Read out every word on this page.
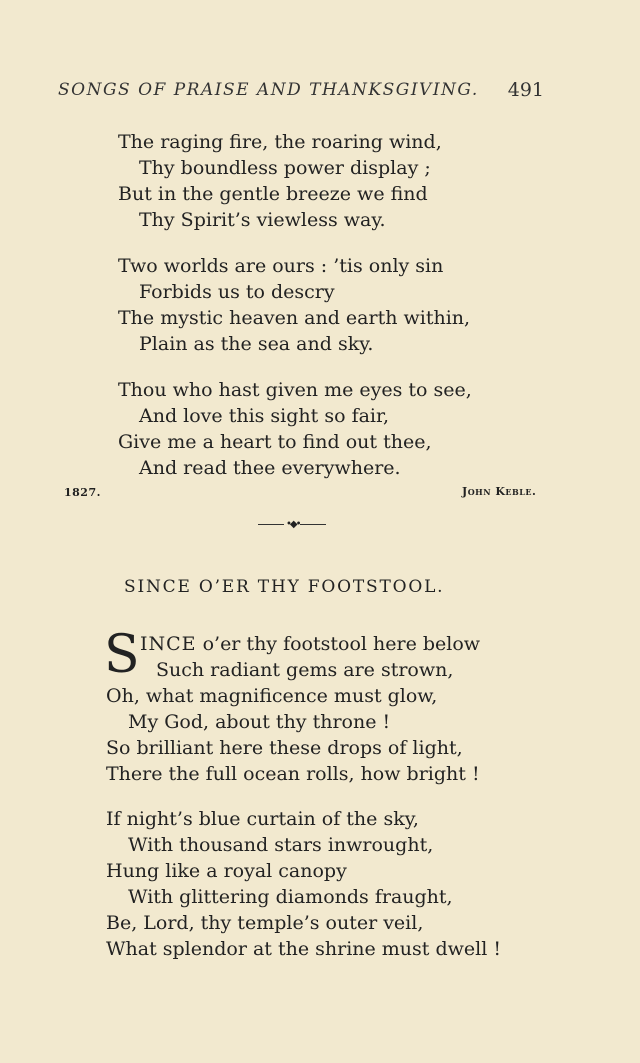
SONGS OF PRAISE AND THANKSGIVING. 491
The raging fire, the roaring wind,
Thy boundless power display ;
But in the gentle breeze we find
Thy Spirit’s viewless way.
Two worlds are ours : ’tis only sin
Forbids us to descry
The mystic heaven and earth within,
Plain as the sea and sky.
Thou who hast given me eyes to see,
And love this sight so fair,
Give me a heart to find out thee,
And read thee everywhere.
1827.	John Keble.
•◆•
SINCE O’ER THY FOOTSTOOL.
S INCE o’er thy footstool here below
Such radiant gems are strown,
Oh, what magnificence must glow,
My God, about thy throne !
So brilliant here these drops of light,
There the full ocean rolls, how bright !
If night’s blue curtain of the sky,
With thousand stars inwrought,
Hung like a royal canopy
With glittering diamonds fraught,
Be, Lord, thy temple’s outer veil,
What splendor at the shrine must dwell !
